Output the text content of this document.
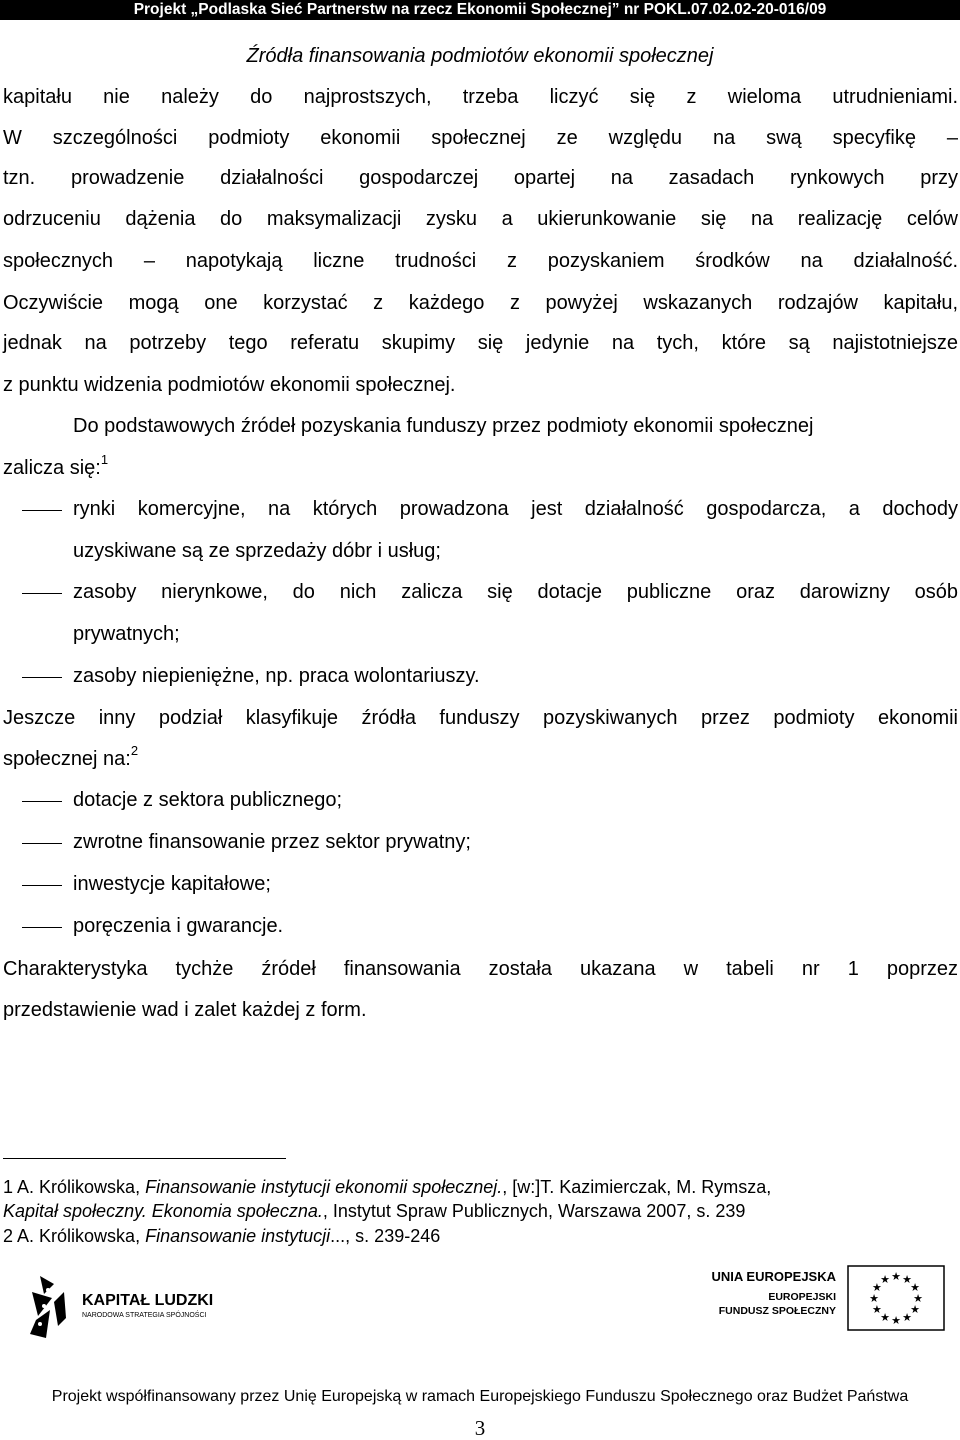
Projekt „Podlaska Sieć Partnerstw na rzecz Ekonomii Społecznej” nr POKL.07.02.02-20-016/09
Źródła finansowania podmiotów ekonomii społecznej
kapitału nie należy do najprostszych, trzeba liczyć się z wieloma utrudnieniami.
W szczególności podmioty ekonomii społecznej ze względu na swą specyfikę –
tzn. prowadzenie działalności gospodarczej opartej na zasadach rynkowych przy
odrzuceniu dążenia do maksymalizacji zysku a ukierunkowanie się na realizację celów
społecznych – napotykają liczne trudności z pozyskaniem środków na działalność.
Oczywiście mogą one korzystać z każdego z powyżej wskazanych rodzajów kapitału,
jednak na potrzeby tego referatu skupimy się jedynie na tych, które są najistotniejsze
z punktu widzenia podmiotów ekonomii społecznej.
Do podstawowych źródeł pozyskania funduszy przez podmioty ekonomii społecznej
zalicza się:$^1$
rynki komercyjne, na których prowadzona jest działalność gospodarcza, a dochody
uzyskiwane są ze sprzedaży dóbr i usług;
zasoby nierynkowe, do nich zalicza się dotacje publiczne oraz darowizny osób
prywatnych;
zasoby niepieniężne, np. praca wolontariuszy.
Jeszcze inny podział klasyfikuje źródła funduszy pozyskiwanych przez podmioty ekonomii
społecznej na:$^2$
dotacje z sektora publicznego;
zwrotne finansowanie przez sektor prywatny;
inwestycje kapitałowe;
poręczenia i gwarancje.
Charakterystyka tychże źródeł finansowania została ukazana w tabeli nr 1 poprzez
przedstawienie wad i zalet każdej z form.
1 A. Królikowska, Finansowanie instytucji ekonomii społecznej., [w:]T. Kazimierczak, M. Rymsza,
Kapitał społeczny. Ekonomia społeczna., Instytut Spraw Publicznych, Warszawa 2007, s. 239
2 A. Królikowska, Finansowanie instytucji..., s. 239-246
KAPITAŁ LUDZKI
NARODOWA STRATEGIA SPÓJNOŚCI
UNIA EUROPEJSKA
EUROPEJSKI
FUNDUSZ SPOŁECZNY
★ ★
★
★
★
★
★
★
★
★
★
★
Projekt współfinansowany przez Unię Europejską w ramach Europejskiego Funduszu Społecznego oraz Budżet Państwa
3
